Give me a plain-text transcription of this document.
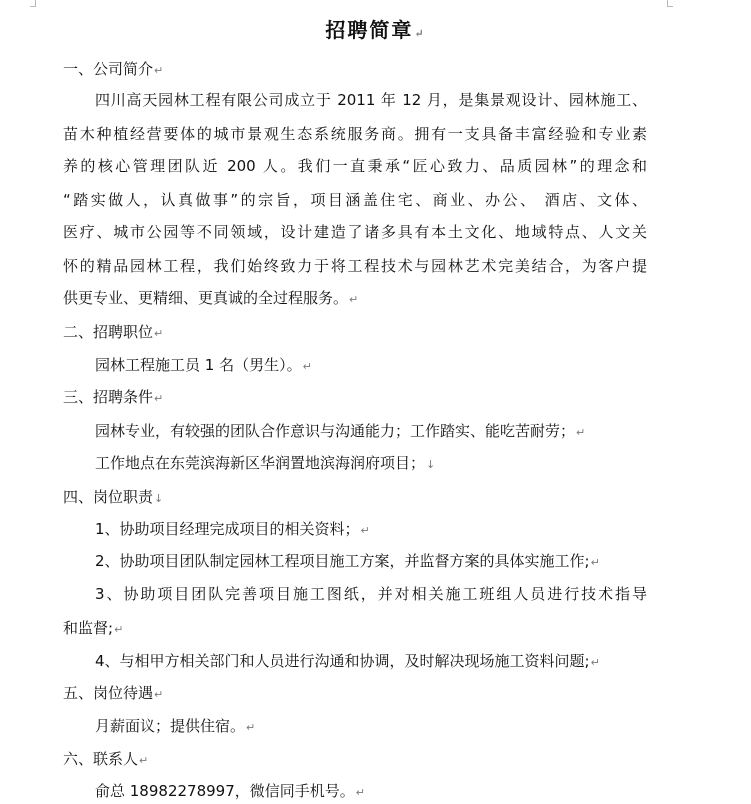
招聘简章↵
一、公司简介↵
四川高天园林工程有限公司成立于 2011 年 12 月，是集景观设计、园林施工、
苗木种植经营要体的城市景观生态系统服务商。拥有一支具备丰富经验和专业素
养的核心管理团队近 200 人。我们一直秉承“匠心致力、品质园林”的理念和
“踏实做人，认真做事”的宗旨，项目涵盖住宅、商业、办公、 酒店、文体、
医疗、城市公园等不同领域，设计建造了诸多具有本土文化、地域特点、人文关
怀的精品园林工程，我们始终致力于将工程技术与园林艺术完美结合，为客户提
供更专业、更精细、更真诚的全过程服务。↵
二、招聘职位↵
园林工程施工员 1 名（男生）。↵
三、招聘条件↵
园林专业，有较强的团队合作意识与沟通能力；工作踏实、能吃苦耐劳；↵
工作地点在东莞滨海新区华润置地滨海润府项目；↓
四、岗位职责↓
1、协助项目经理完成项目的相关资料；↵
2、协助项目团队制定园林工程项目施工方案，并监督方案的具体实施工作;↵
3、协助项目团队完善项目施工图纸，并对相关施工班组人员进行技术指导
和监督;↵
4、与相甲方相关部门和人员进行沟通和协调，及时解决现场施工资料问题;↵
五、岗位待遇↵
月薪面议；提供住宿。↵
六、联系人↵
俞总 18982278997，微信同手机号。↵
